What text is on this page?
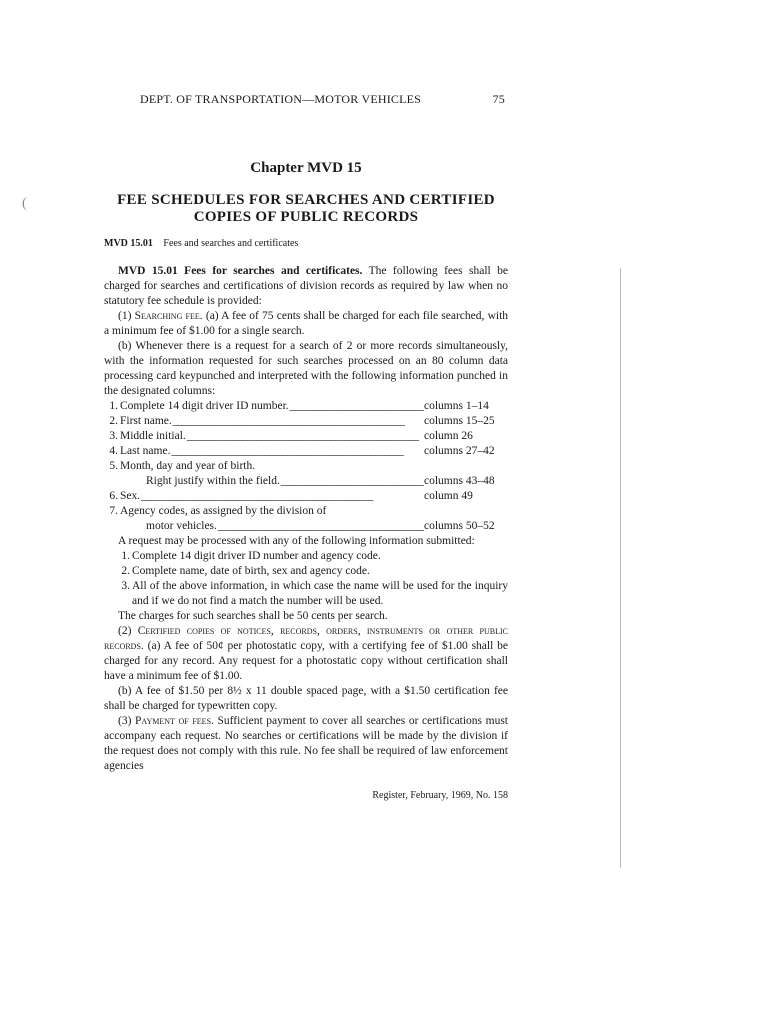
(
DEPT. OF TRANSPORTATION—MOTOR VEHICLES	75
Chapter MVD 15
FEE SCHEDULES FOR SEARCHES AND CERTIFIED
COPIES OF PUBLIC RECORDS
MVD 15.01 Fees and searches and certificates

MVD 15.01 Fees for searches and certificates. The following fees shall be charged for searches and certifications of division records as required by law when no statutory fee schedule is provided:

(1) Searching fee. (a) A fee of 75 cents shall be charged for each file searched, with a minimum fee of $1.00 for a single search.

(b) Whenever there is a request for a search of 2 or more records simultaneously, with the information requested for such searches processed on an 80 column data processing card keypunched and interpreted with the following information punched in the designated columns:

1. Complete 14 digit driver ID number. _ _ _	columns 1–14
2. First name. _ _ _	columns 15–25
3. Middle initial. _ _ _	column 26
4. Last name. _ _ _	columns 27–42
5. Month, day and year of birth.
Right justify within the field. _ _ _	columns 43–48
6. Sex. _ _ _	column 49
7. Agency codes, as assigned by the division of
motor vehicles. _ _ _	columns 50–52

A request may be processed with any of the following information submitted:

1. Complete 14 digit driver ID number and agency code.
2. Complete name, date of birth, sex and agency code.
3. All of the above information, in which case the name will be used for the inquiry and if we do not find a match the number will be used.

The charges for such searches shall be 50 cents per search.

(2) Certified copies of notices, records, orders, instruments or other public records. (a) A fee of 50¢ per photostatic copy, with a certifying fee of $1.00 shall be charged for any record. Any request for a photostatic copy without certification shall have a minimum fee of $1.00.

(b) A fee of $1.50 per 8½ x 11 double spaced page, with a $1.50 certification fee shall be charged for typewritten copy.

(3) Payment of fees. Sufficient payment to cover all searches or certifications must accompany each request. No searches or certifications will be made by the division if the request does not comply with this rule. No fee shall be required of law enforcement agencies

Register, February, 1969, No. 158
